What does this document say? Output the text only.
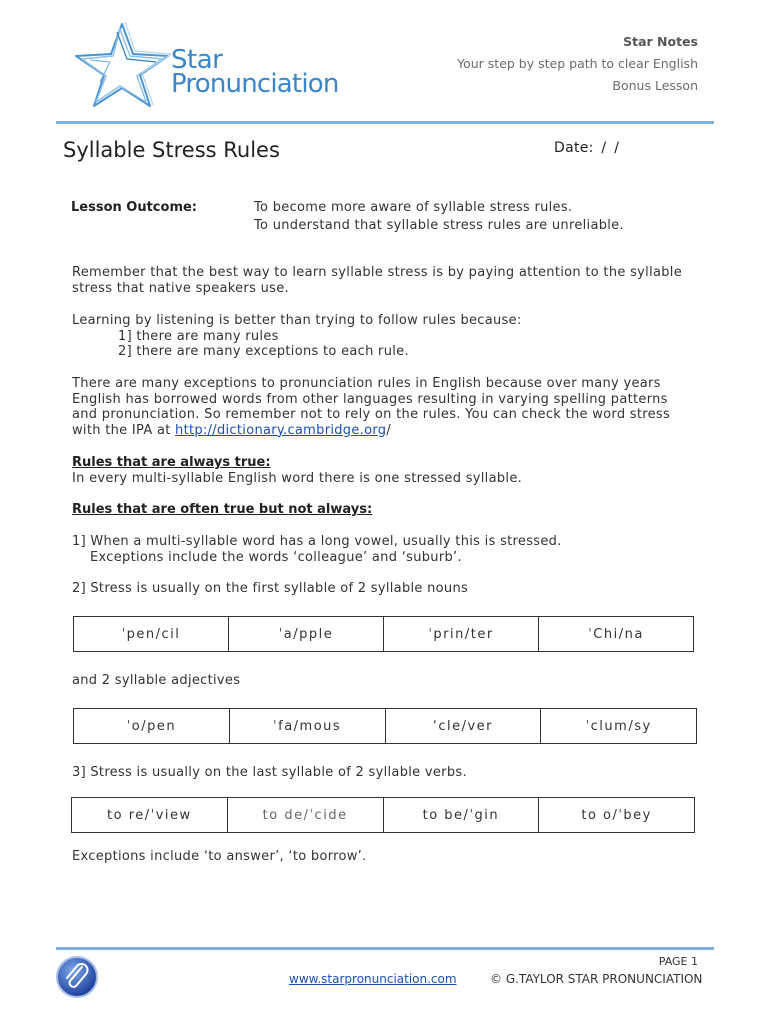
Star
Pronunciation
Star Notes
Your step by step path to clear English
Bonus Lesson
Syllable Stress Rules	Date: / /
Lesson Outcome:	To become more aware of syllable stress rules.
To understand that syllable stress rules are unreliable.
Remember that the best way to learn syllable stress is by paying attention to the syllable
stress that native speakers use.
Learning by listening is better than trying to follow rules because:
1] there are many rules
2] there are many exceptions to each rule.
There are many exceptions to pronunciation rules in English because over many years
English has borrowed words from other languages resulting in varying spelling patterns
and pronunciation. So remember not to rely on the rules. You can check the word stress
with the IPA at http://dictionary.cambridge.org/
Rules that are always true:
In every multi-syllable English word there is one stressed syllable.
Rules that are often true but not always:
1] When a multi-syllable word has a long vowel, usually this is stressed.
Exceptions include the words ‘colleague’ and ‘suburb’.
2] Stress is usually on the first syllable of 2 syllable nouns
ˈpen/cil	ˈa/pple	ˈprin/ter	ˈChi/na
and 2 syllable adjectives
ˈo/pen	ˈfa/mous	‘cle/ver	ˈclum/sy
3] Stress is usually on the last syllable of 2 syllable verbs.
to re/ˈview	to de/ˈcide	to be/ˈgin	to o/ˈbey
Exceptions include ‘to answer’, ‘to borrow’.
PAGE 1
www.starpronunciation.com	© G.TAYLOR STAR PRONUNCIATION
